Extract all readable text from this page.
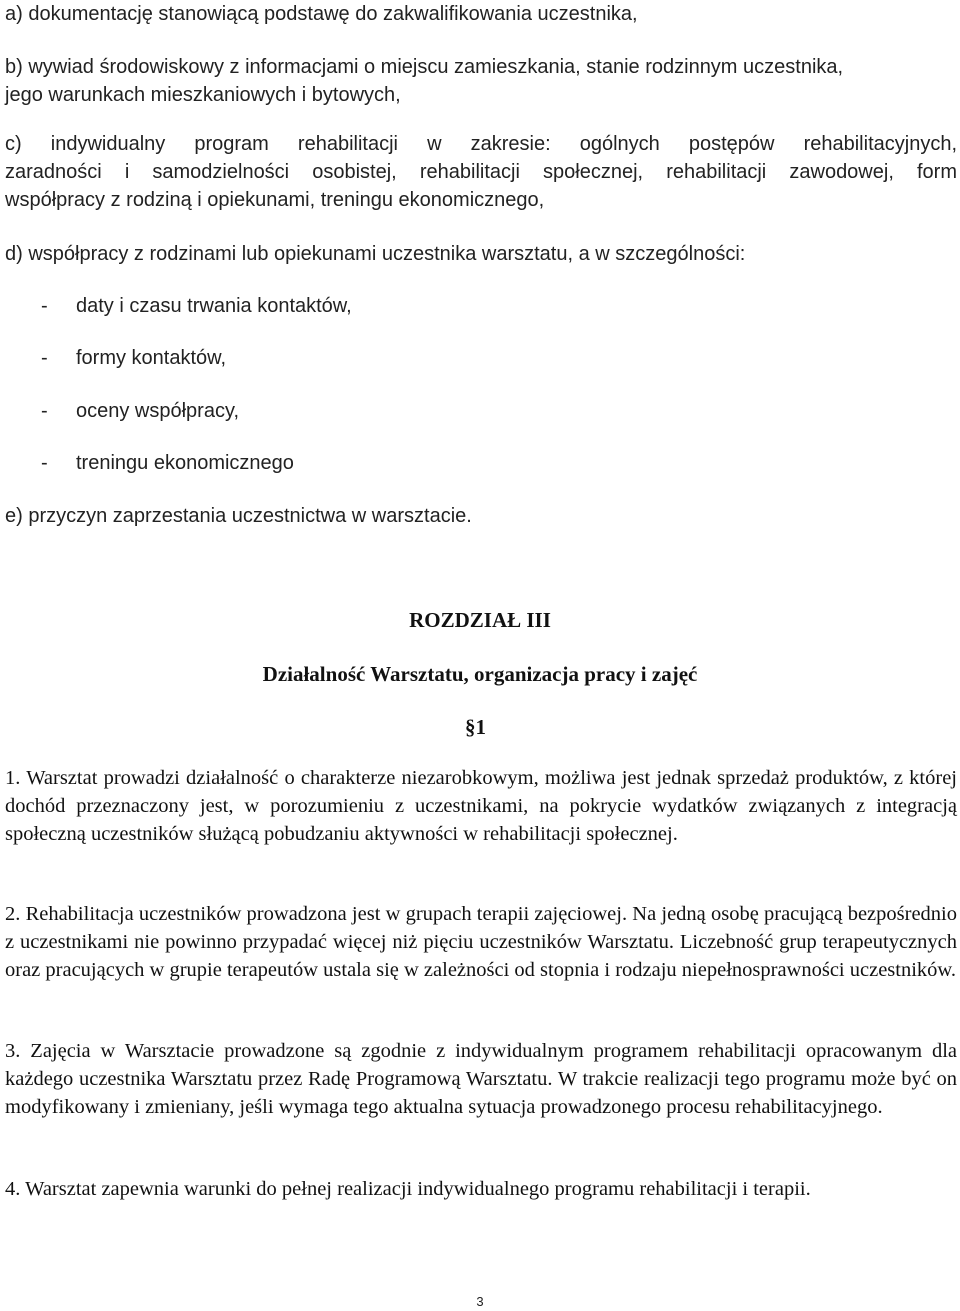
a) dokumentację stanowiącą podstawę do zakwalifikowania uczestnika,

b) wywiad środowiskowy z informacjami o miejscu zamieszkania, stanie rodzinnym uczestnika,
jego warunkach mieszkaniowych i bytowych,
c) indywidualny program rehabilitacji w zakresie: ogólnych postępów rehabilitacyjnych,
zaradności i samodzielności osobistej, rehabilitacji społecznej, rehabilitacji zawodowej, form
współpracy z rodziną i opiekunami, treningu ekonomicznego,

d) współpracy z rodzinami lub opiekunami uczestnika warsztatu, a w szczególności:

- daty i czasu trwania kontaktów,
- formy kontaktów,
- oceny współpracy,
- treningu ekonomicznego

e) przyczyn zaprzestania uczestnictwa w warsztacie.

ROZDZIAŁ III
Działalność Warsztatu, organizacja pracy i zajęć
§1

1. Warsztat prowadzi działalność o charakterze niezarobkowym, możliwa jest jednak sprzedaż produktów, z której dochód przeznaczony jest, w porozumieniu z uczestnikami, na pokrycie wydatków związanych z integracją społeczną uczestników służącą pobudzaniu aktywności w rehabilitacji społecznej.

2. Rehabilitacja uczestników prowadzona jest w grupach terapii zajęciowej. Na jedną osobę pracującą bezpośrednio z uczestnikami nie powinno przypadać więcej niż pięciu uczestników Warsztatu. Liczebność grup terapeutycznych oraz pracujących w grupie terapeutów ustala się w zależności od stopnia i rodzaju niepełnosprawności uczestników.

3. Zajęcia w Warsztacie prowadzone są zgodnie z indywidualnym programem rehabilitacji opracowanym dla każdego uczestnika Warsztatu przez Radę Programową Warsztatu. W trakcie realizacji tego programu może być on modyfikowany i zmieniany, jeśli wymaga tego aktualna sytuacja prowadzonego procesu rehabilitacyjnego.

4. Warsztat zapewnia warunki do pełnej realizacji indywidualnego programu rehabilitacji i terapii.

3
